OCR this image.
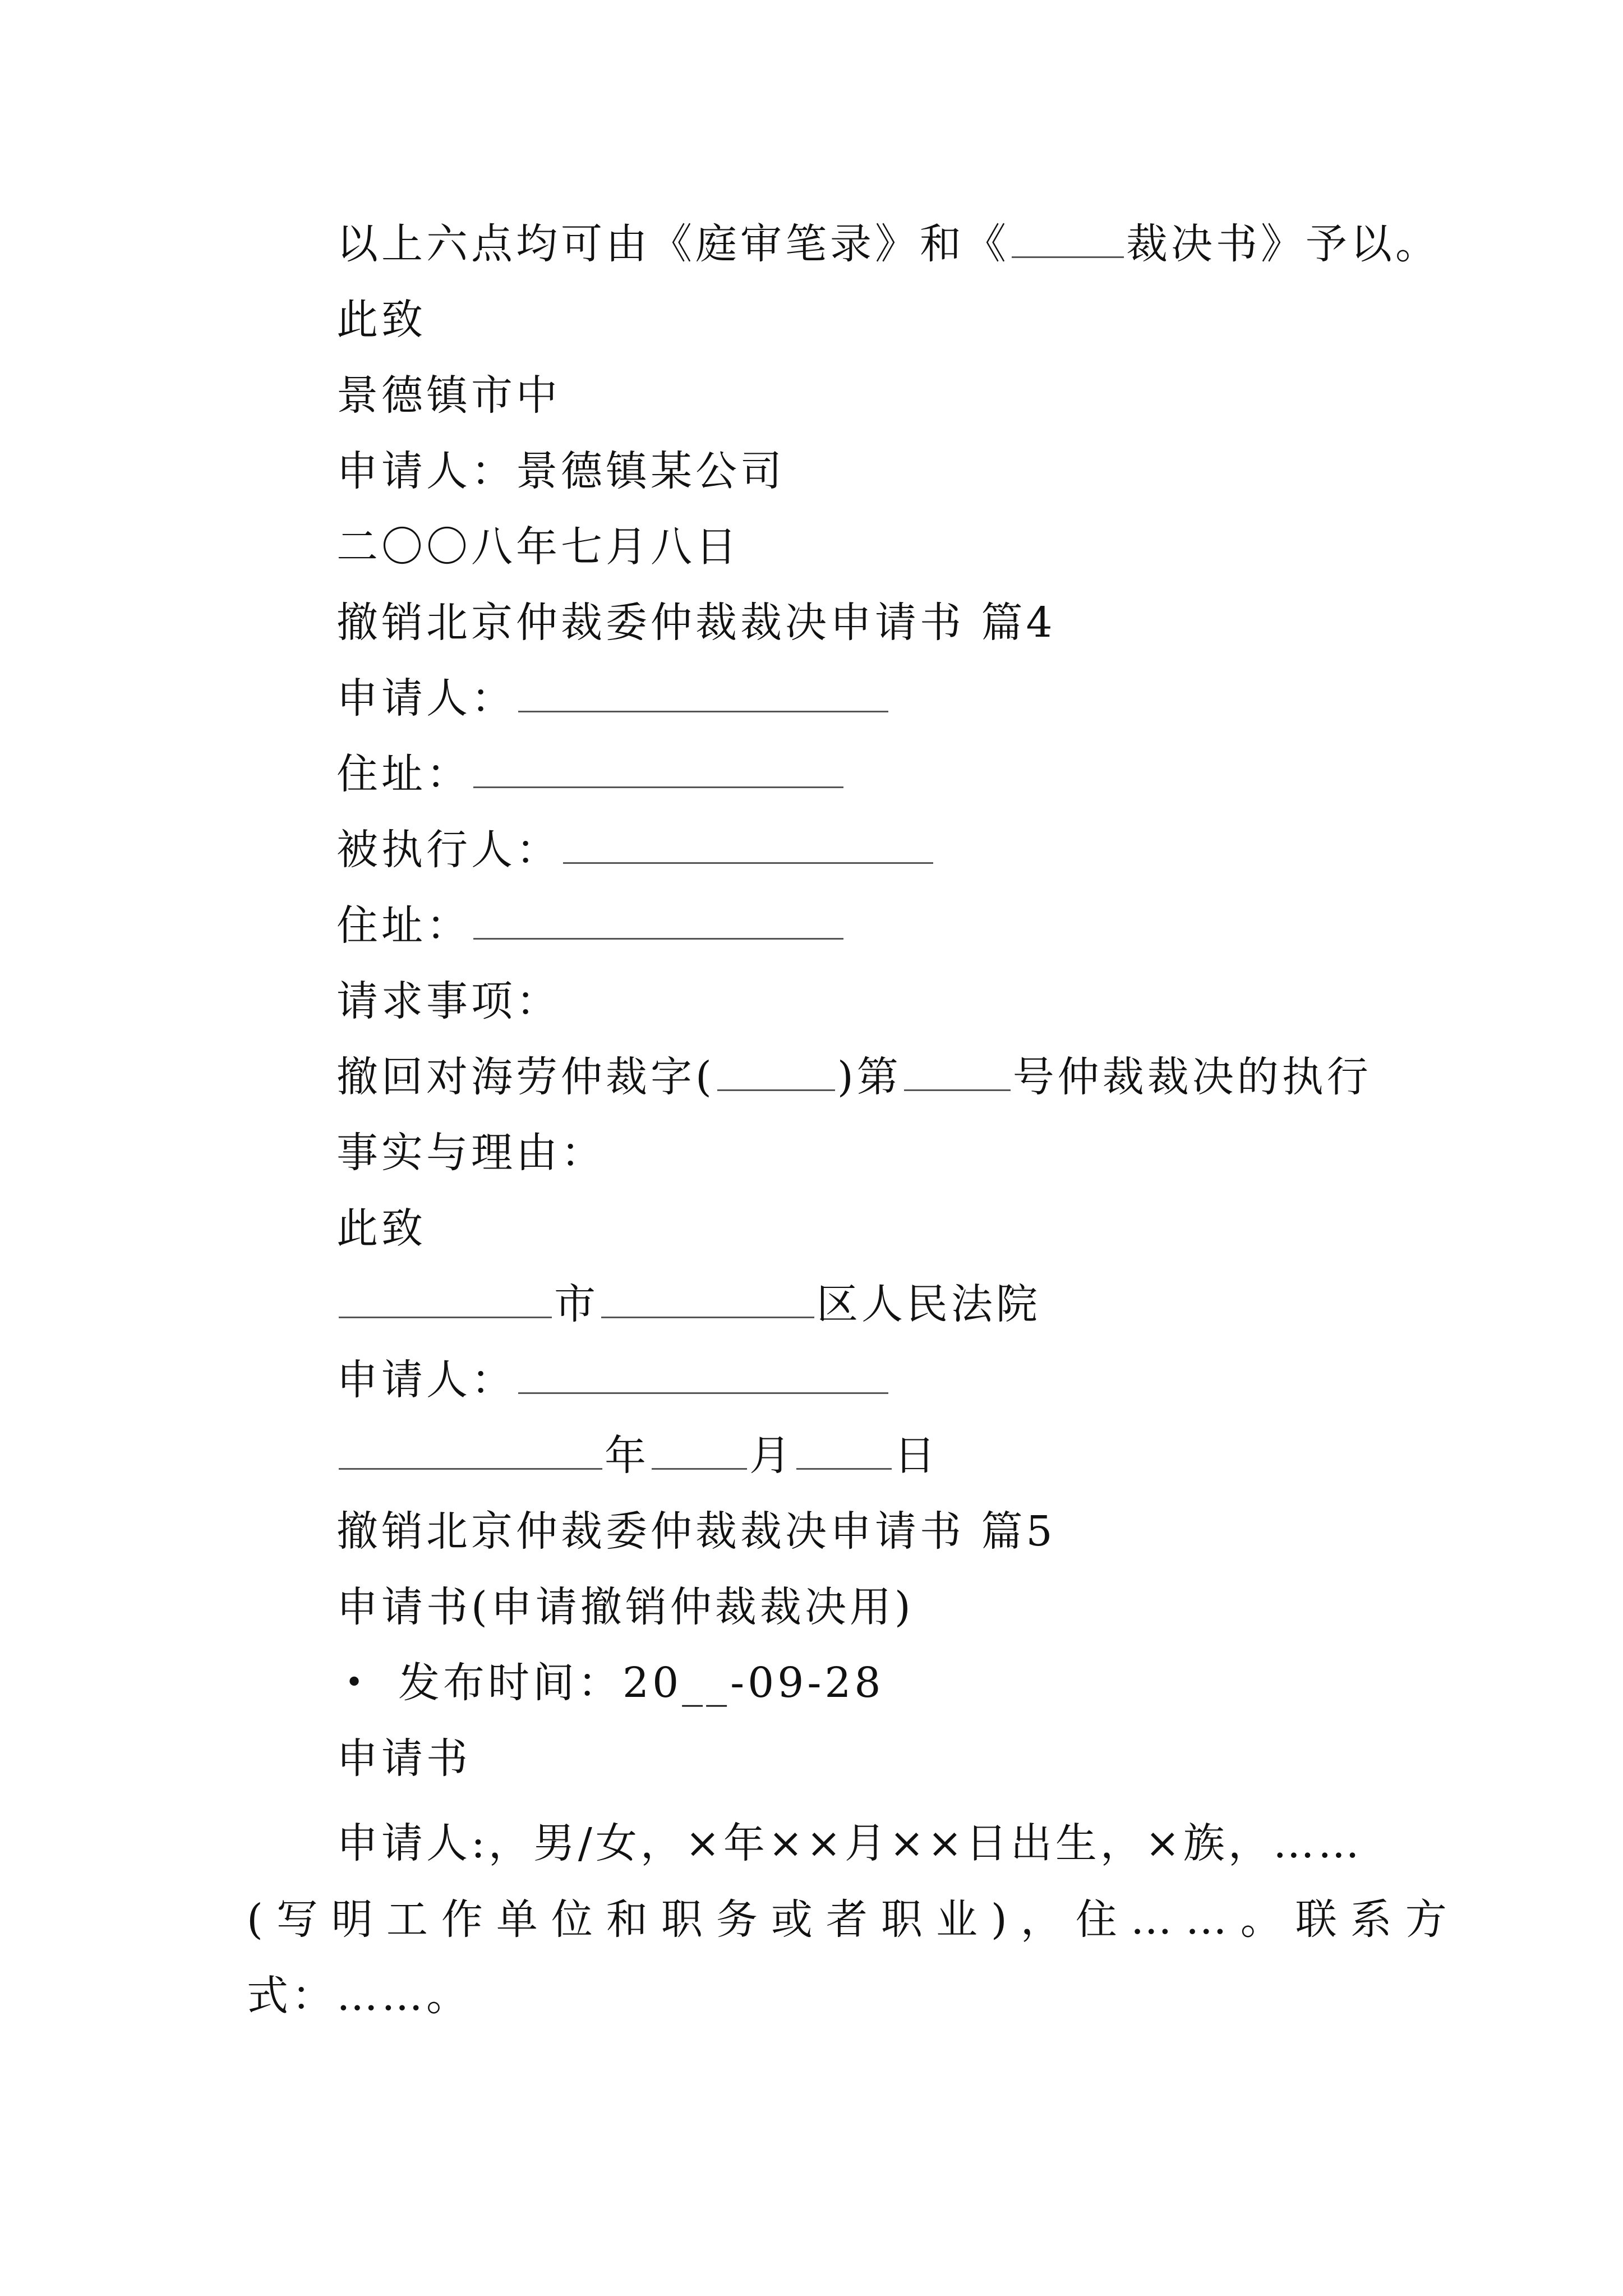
以上六点均可由《庭审笔录》和《	裁决书》予以。
此致
景德镇市中
申请人：景德镇某公司
二〇〇八年七月八日
撤销北京仲裁委仲裁裁决申请书 篇4
申请人：
住址：
被执行人：
住址：
请求事项：
撤回对海劳仲裁字(	)第	号仲裁裁决的执行
事实与理由：
此致
市	区人民法院
申请人：
年 月 日
撤销北京仲裁委仲裁裁决申请书 篇5
申请书(申请撤销仲裁裁决用)
• 发布时间：20__-09-28
申请书
申请人:，男/女，×年××月××日出生，×族，……
(写明工作单位和职务或者职业)，住……。联系方
式：……。
